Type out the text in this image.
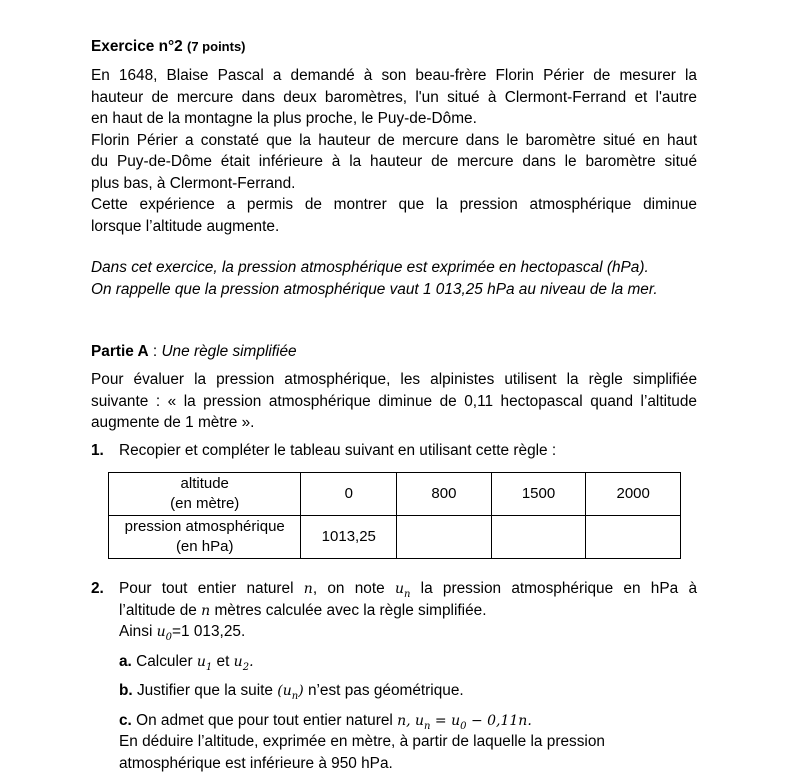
Exercice n°2 (7 points)
En 1648, Blaise Pascal a demandé à son beau-frère Florin Périer de mesurer la
hauteur de mercure dans deux baromètres, l'un situé à Clermont-Ferrand et l'autre
en haut de la montagne la plus proche, le Puy-de-Dôme.
Florin Périer a constaté que la hauteur de mercure dans le baromètre situé en haut
du Puy-de-Dôme était inférieure à la hauteur de mercure dans le baromètre situé
plus bas, à Clermont-Ferrand.
Cette expérience a permis de montrer que la pression atmosphérique diminue
lorsque l’altitude augmente.
Dans cet exercice, la pression atmosphérique est exprimée en hectopascal (hPa).
On rappelle que la pression atmosphérique vaut 1 013,25 hPa au niveau de la mer.
Partie A : Une règle simplifiée
Pour évaluer la pression atmosphérique, les alpinistes utilisent la règle simplifiée
suivante : « la pression atmosphérique diminue de 0,11 hectopascal quand l’altitude
augmente de 1 mètre ».
1. Recopier et compléter le tableau suivant en utilisant cette règle :
altitude
(en mètre)	0	800	1500	2000
pression atmosphérique
(en hPa)	1013,25			
2. Pour tout entier naturel n, on note $u_n$ la pression atmosphérique en hPa à
l’altitude de n mètres calculée avec la règle simplifiée.
Ainsi $u_0=1$ 013,25.
a. Calculer $u_1$ et $u_2$.
b. Justifier que la suite $(u_n)$ n’est pas géométrique.
c. On admet que pour tout entier naturel n, $u_n = u_0 - 0,11n$.
En déduire l’altitude, exprimée en mètre, à partir de laquelle la pression
atmosphérique est inférieure à 950 hPa.
